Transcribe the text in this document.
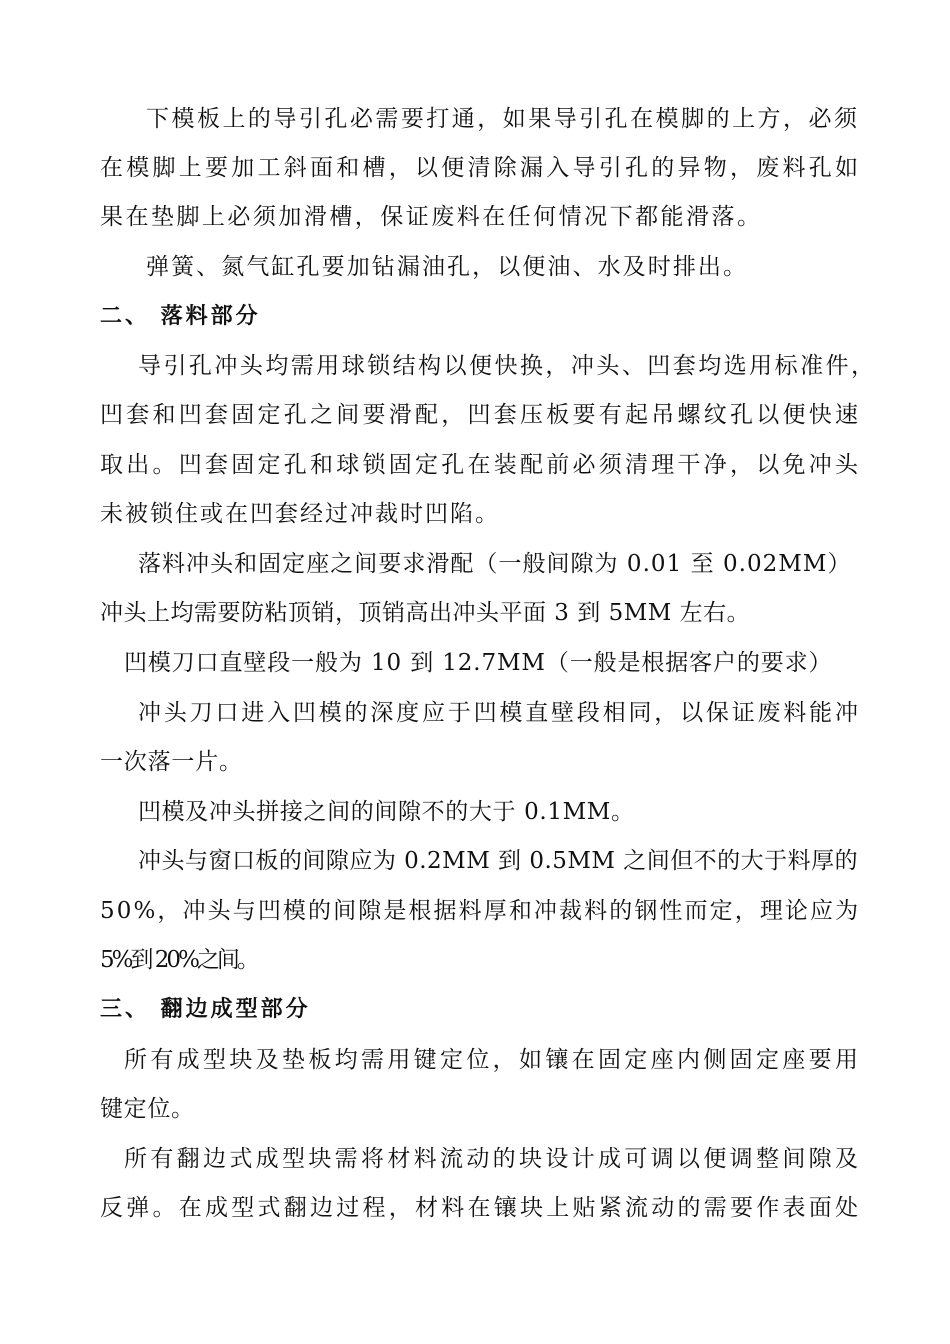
下模板上的导引孔必需要打通，如果导引孔在模脚的上方，必须
在模脚上要加工斜面和槽，以便清除漏入导引孔的异物，废料孔如
果在垫脚上必须加滑槽，保证废料在任何情况下都能滑落。
弹簧、氮气缸孔要加钻漏油孔，以便油、水及时排出。
二、 落料部分
导引孔冲头均需用球锁结构以便快换，冲头、凹套均选用标准件，
凹套和凹套固定孔之间要滑配，凹套压板要有起吊螺纹孔以便快速
取出。凹套固定孔和球锁固定孔在装配前必须清理干净，以免冲头
未被锁住或在凹套经过冲裁时凹陷。
落料冲头和固定座之间要求滑配（一般间隙为 0.01 至 0.02MM）
冲头上均需要防粘顶销，顶销高出冲头平面 3 到 5MM 左右。
凹模刀口直壁段一般为 10 到 12.7MM（一般是根据客户的要求）
冲头刀口进入凹模的深度应于凹模直壁段相同，以保证废料能冲
一次落一片。
凹模及冲头拼接之间的间隙不的大于 0.1MM。
冲头与窗口板的间隙应为 0.2MM 到 0.5MM 之间但不的大于料厚的
50%，冲头与凹模的间隙是根据料厚和冲裁料的钢性而定，理论应为
5%到 20%之间。
三、 翻边成型部分
所有成型块及垫板均需用键定位，如镶在固定座内侧固定座要用
键定位。
所有翻边式成型块需将材料流动的块设计成可调以便调整间隙及
反弹。在成型式翻边过程，材料在镶块上贴紧流动的需要作表面处
